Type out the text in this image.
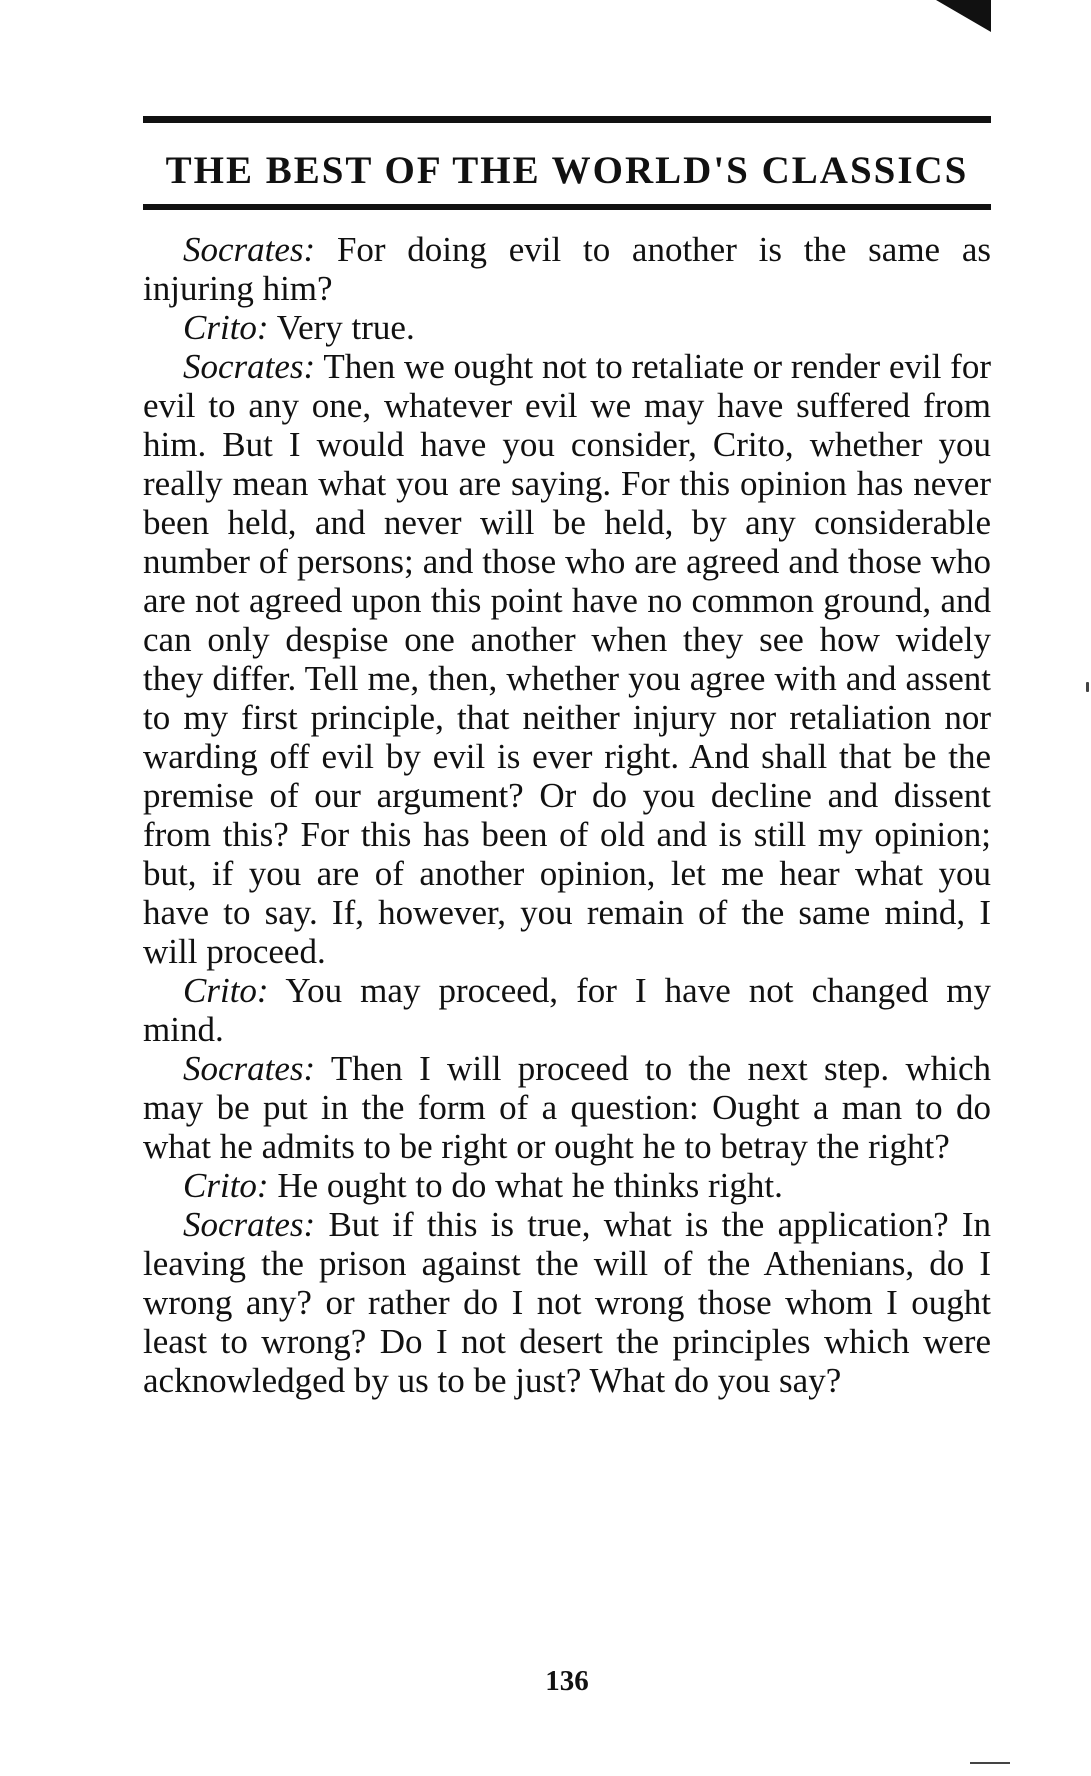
THE BEST OF THE WORLD'S CLASSICS

Socrates: For doing evil to another is the same as injuring him?

Crito: Very true.

Socrates: Then we ought not to retaliate or render evil for evil to any one, whatever evil we may have suffered from him. But I would have you consider, Crito, whether you really mean what you are saying. For this opinion has never been held, and never will be held, by any considerable number of persons; and those who are agreed and those who are not agreed upon this point have no common ground, and can only despise one another when they see how widely they differ. Tell me, then, whether you agree with and assent to my first principle, that neither injury nor retaliation nor warding off evil by evil is ever right. And shall that be the premise of our argument? Or do you decline and dissent from this? For this has been of old and is still my opinion; but, if you are of another opinion, let me hear what you have to say. If, however, you remain of the same mind, I will proceed.

Crito: You may proceed, for I have not changed my mind.

Socrates: Then I will proceed to the next step. which may be put in the form of a question: Ought a man to do what he admits to be right or ought he to betray the right?

Crito: He ought to do what he thinks right.

Socrates: But if this is true, what is the application? In leaving the prison against the will of the Athenians, do I wrong any? or rather do I not wrong those whom I ought least to wrong? Do I not desert the principles which were acknowledged by us to be just? What do you say?

136
